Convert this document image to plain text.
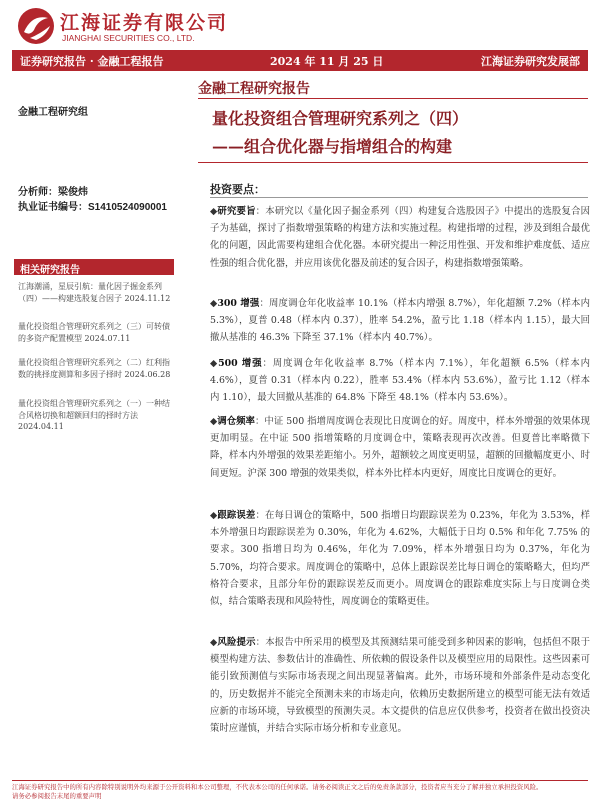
江海证券有限公司
JIANGHAI SECURITIES CO., LTD.
证券研究报告 · 金融工程报告	2024 年 11 月 25 日	江海证券研究发展部
金融工程研究报告
量化投资组合管理研究系列之（四）
——组合优化器与指增组合的构建
金融工程研究组
分析师：梁俊炜
执业证书编号：S1410524090001
相关研究报告
江海潮涌，星辰引航：量化因子掘金系列（四）——构建选股复合因子 2024.11.12
量化投资组合管理研究系列之（三）可转债的多资产配置模型 2024.07.11
量化投资组合管理研究系列之（二）红利指数的挑择度测算和多因子择时 2024.06.28
量化投资组合管理研究系列之（一）一种结合风格切换和超额回归的择时方法 2024.04.11
投资要点：
◆研究要旨：本研究以《量化因子掘金系列（四）构建复合选股因子》中提出的选股复合因子为基础，探讨了指数增强策略的构建方法和实施过程。构建指增的过程，涉及到组合最优化的问题，因此需要构建组合优化器。本研究提出一种泛用性强、开发和维护难度低、适应性强的组合优化器，并应用该优化器及前述的复合因子，构建指数增强策略。
◆300 增强：周度调仓年化收益率 10.1%（样本内增强 8.7%），年化超额 7.2%（样本内 5.3%），夏普 0.48（样本内 0.37），胜率 54.2%，盈亏比 1.18（样本内 1.15），最大回撤从基准的 46.3% 下降至 37.1%（样本内 40.7%）。
◆500 增强：周度调仓年化收益率 8.7%（样本内 7.1%），年化超额 6.5%（样本内 4.6%），夏普 0.31（样本内 0.22），胜率 53.4%（样本内 53.6%），盈亏比 1.12（样本内 1.10），最大回撤从基准的 64.8% 下降至 48.1%（样本内 53.6%）。
◆调仓频率：中证 500 指增周度调仓表现比日度调仓的好。周度中，样本外增强的效果体现更加明显。在中证 500 指增策略的月度调仓中，策略表现再次改善。但夏普比率略微下降，样本内外增强的效果差距缩小。另外，超额较之周度更明显，超额的回撤幅度更小、时间更短。沪深 300 增强的效果类似，样本外比样本内更好，周度比日度调仓的更好。
◆跟踪误差：在每日调仓的策略中，500 指增日均跟踪误差为 0.23%，年化为 3.53%，样本外增强日均跟踪误差为 0.30%，年化为 4.62%，大幅低于日均 0.5% 和年化 7.75% 的要求。300 指增日均为 0.46%，年化为 7.09%，样本外增强日均为 0.37%，年化为 5.70%，均符合要求。周度调仓的策略中，总体上跟踪误差比每日调仓的策略略大，但均严格符合要求，且部分年份的跟踪误差反而更小。周度调仓的跟踪难度实际上与日度调仓类似，结合策略表现和风险特性，周度调仓的策略更佳。
◆风险提示：本报告中所采用的模型及其预测结果可能受到多种因素的影响，包括但不限于模型构建方法、参数估计的准确性、所依赖的假设条件以及模型应用的局限性。这些因素可能引致预测值与实际市场表现之间出现显著偏离。此外，市场环境和外部条件是动态变化的，历史数据并不能完全预测未来的市场走向，依赖历史数据所建立的模型可能无法有效适应新的市场环境，导致模型的预测失灵。本文提供的信息应仅供参考，投资者在做出投资决策时应谨慎，并结合实际市场分析和专业意见。
江海证券研究报告中的所有内容除特别说明外均来源于公开资料和本公司整理，不代表本公司的任何承诺。请务必阅读正文之后的免责条款部分，投资者应当充分了解并独立承担投资风险。
请务必参阅报告末尾的重要声明
